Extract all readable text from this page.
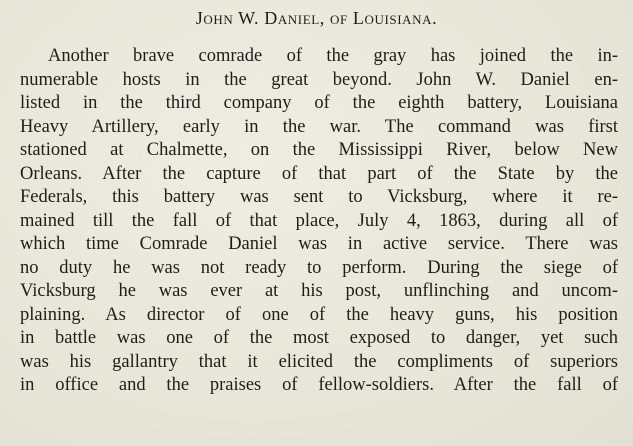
John W. Daniel, of Louisiana.
Another brave comrade of the gray has joined the in-
numerable hosts in the great beyond. John W. Daniel en-
listed in the third company of the eighth battery, Louisiana
Heavy Artillery, early in the war. The command was first
stationed at Chalmette, on the Mississippi River, below New
Orleans. After the capture of that part of the State by the
Federals, this battery was sent to Vicksburg, where it re-
mained till the fall of that place, July 4, 1863, during all of
which time Comrade Daniel was in active service. There was
no duty he was not ready to perform. During the siege of
Vicksburg he was ever at his post, unflinching and uncom-
plaining. As director of one of the heavy guns, his position
in battle was one of the most exposed to danger, yet such
was his gallantry that it elicited the compliments of superiors
in office and the praises of fellow-soldiers. After the fall of
